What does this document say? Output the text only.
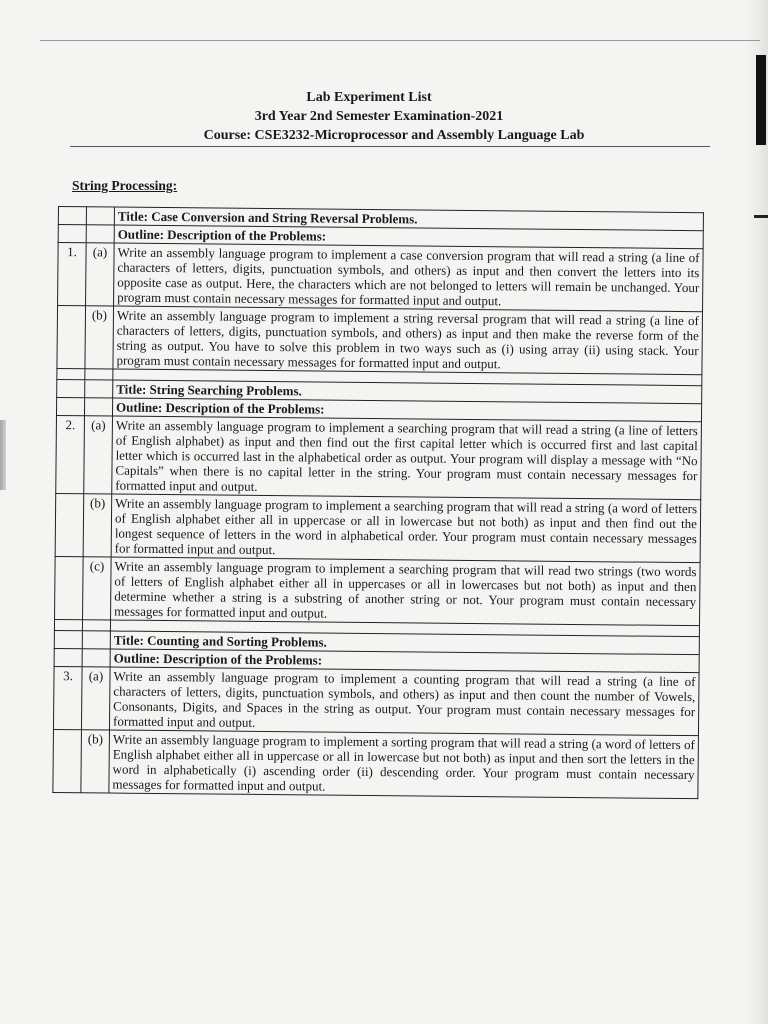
Lab Experiment List
3rd Year 2nd Semester Examination-2021
Course: CSE3232-Microprocessor and Assembly Language Lab
String Processing:
		Title: Case Conversion and String Reversal Problems.
		Outline: Description of the Problems:
1.	(a)	Write an assembly language program to implement a case conversion program that will read a string (a line of characters of letters, digits, punctuation symbols, and others) as input and then convert the letters into its opposite case as output. Here, the characters which are not belonged to letters will remain be unchanged. Your program must contain necessary messages for formatted input and output.
	(b)	Write an assembly language program to implement a string reversal program that will read a string (a line of characters of letters, digits, punctuation symbols, and others) as input and then make the reverse form of the string as output. You have to solve this problem in two ways such as (i) using array (ii) using stack. Your program must contain necessary messages for formatted input and output.

		Title: String Searching Problems.
		Outline: Description of the Problems:
2.	(a)	Write an assembly language program to implement a searching program that will read a string (a line of letters of English alphabet) as input and then find out the first capital letter which is occurred first and last capital letter which is occurred last in the alphabetical order as output. Your program will display a message with “No Capitals” when there is no capital letter in the string. Your program must contain necessary messages for formatted input and output.
	(b)	Write an assembly language program to implement a searching program that will read a string (a word of letters of English alphabet either all in uppercase or all in lowercase but not both) as input and then find out the longest sequence of letters in the word in alphabetical order. Your program must contain necessary messages for formatted input and output.
	(c)	Write an assembly language program to implement a searching program that will read two strings (two words of letters of English alphabet either all in uppercases or all in lowercases but not both) as input and then determine whether a string is a substring of another string or not. Your program must contain necessary messages for formatted input and output.

		Title: Counting and Sorting Problems.
		Outline: Description of the Problems:
3.	(a)	Write an assembly language program to implement a counting program that will read a string (a line of characters of letters, digits, punctuation symbols, and others) as input and then count the number of Vowels, Consonants, Digits, and Spaces in the string as output. Your program must contain necessary messages for formatted input and output.
	(b)	Write an assembly language program to implement a sorting program that will read a string (a word of letters of English alphabet either all in uppercase or all in lowercase but not both) as input and then sort the letters in the word in alphabetically (i) ascending order (ii) descending order. Your program must contain necessary messages for formatted input and output.
